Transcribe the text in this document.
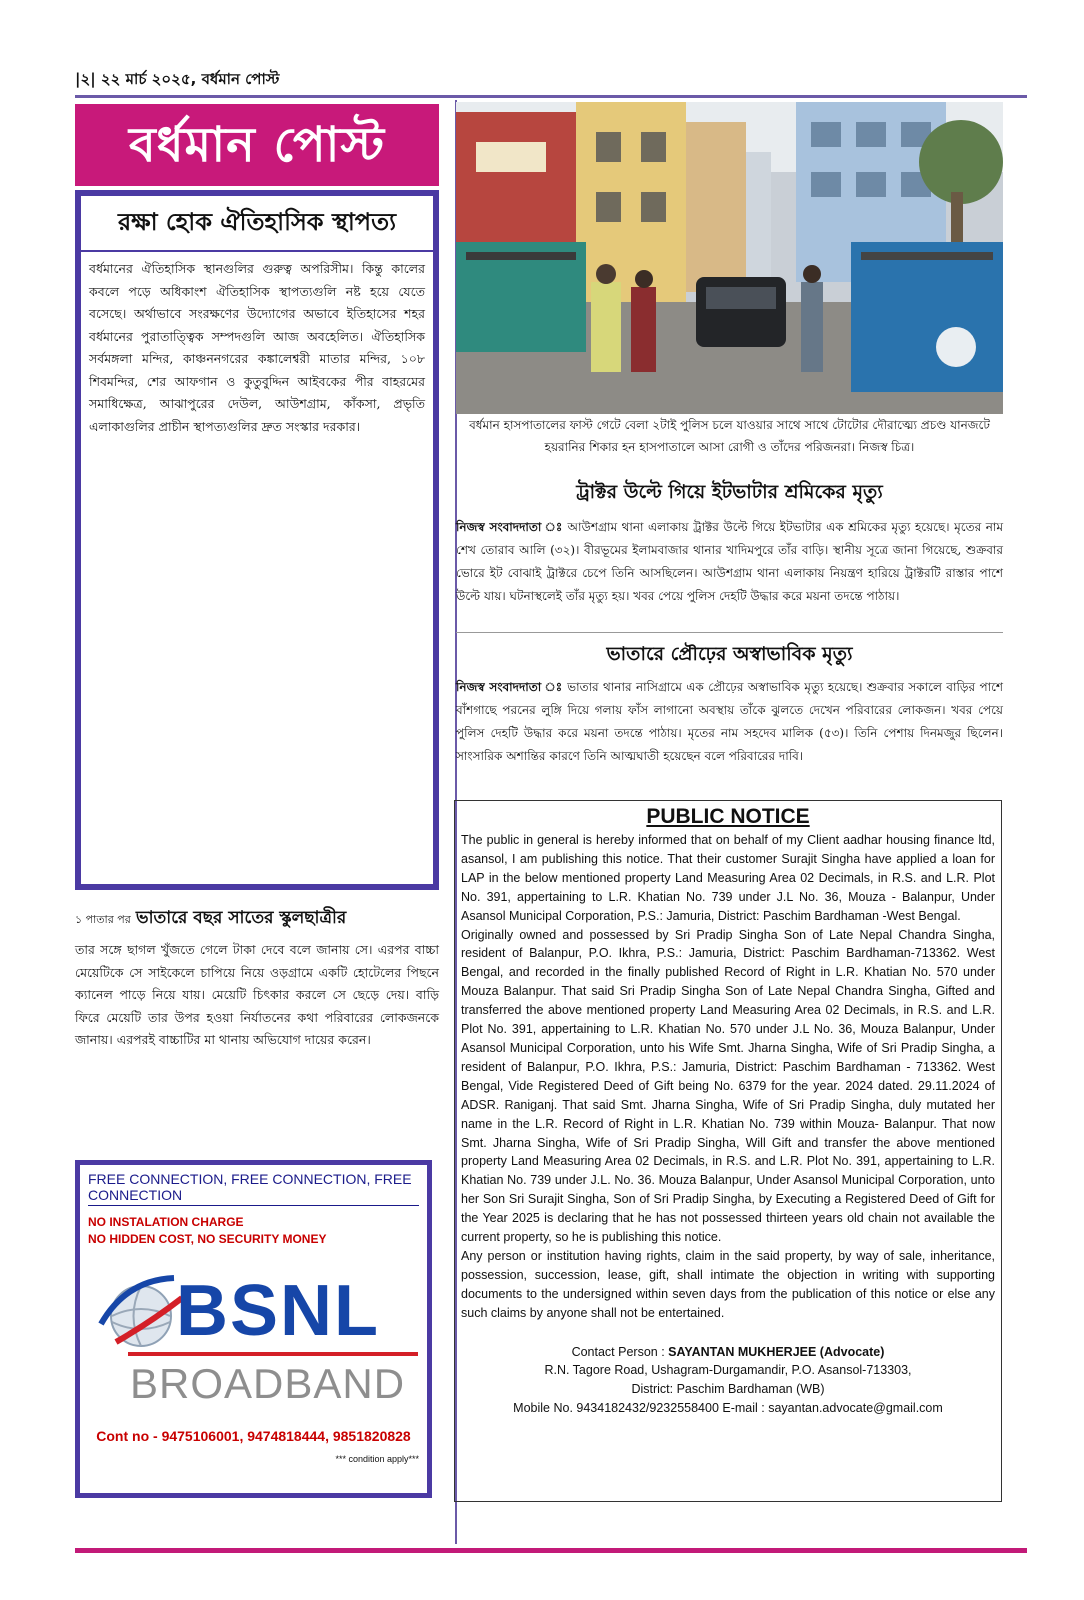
|২| ২২ মার্চ ২০২৫, বর্ধমান পোস্ট
বর্ধমান পোস্ট
রক্ষা হোক ঐতিহাসিক স্থাপত্য
বর্ধমানের ঐতিহাসিক স্থানগুলির গুরুত্ব অপরিসীম। কিন্তু কালের কবলে পড়ে অধিকাংশ ঐতিহাসিক স্থাপত্যগুলি নষ্ট হয়ে যেতে বসেছে। অর্থাভাবে সংরক্ষণের উদ্যোগের অভাবে ইতিহাসের শহর বর্ধমানের পুরাতাত্ত্বিক সম্পদগুলি আজ অবহেলিত। ঐতিহাসিক সর্বমঙ্গলা মন্দির, কাঞ্চননগরের কঙ্কালেশ্বরী মাতার মন্দির, ১০৮ শিবমন্দির, শের আফগান ও কুতুবুদ্দিন আইবকের পীর বাহরমের সমাধিক্ষেত্র, আঝাপুরের দেউল, আউশগ্রাম, কাঁকসা, প্রভৃতি এলাকাগুলির প্রাচীন স্থাপত্যগুলির দ্রুত সংস্কার দরকার।
১ পাতার পর ভাতারে বছর সাতের স্কুলছাত্রীর
তার সঙ্গে ছাগল খুঁজতে গেলে টাকা দেবে বলে জানায় সে। এরপর বাচ্চা মেয়েটিকে সে সাইকেলে চাপিয়ে নিয়ে ওড়গ্রামে একটি হোটেলের পিছনে ক্যানেল পাড়ে নিয়ে যায়। মেয়েটি চিৎকার করলে সে ছেড়ে দেয়। বাড়ি ফিরে মেয়েটি তার উপর হওয়া নির্যাতনের কথা পরিবারের লোকজনকে জানায়। এরপরই বাচ্চাটির মা থানায় অভিযোগ দায়ের করেন।
FREE CONNECTION, FREE CONNECTION, FREE CONNECTION
NO INSTALATION CHARGE
NO HIDDEN COST, NO SECURITY MONEY
BSNL
BROADBAND
Cont no - 9475106001, 9474818444, 9851820828
*** condition apply***
বর্ধমান হাসপাতালের ফাস্ট গেটে বেলা ২টাই পুলিস চলে যাওয়ার সাথে সাথে টোটোর দৌরাত্ম্যে প্রচণ্ড যানজটে হয়রানির শিকার হন হাসপাতালে আসা রোগী ও তাঁদের পরিজনরা। নিজস্ব চিত্র।
ট্রাক্টর উল্টে গিয়ে ইটভাটার শ্রমিকের মৃত্যু
নিজস্ব সংবাদদাতা ঃ আউশগ্রাম থানা এলাকায় ট্রাক্টর উল্টে গিয়ে ইটভাটার এক শ্রমিকের মৃত্যু হয়েছে। মৃতের নাম শেখ তোরাব আলি (৩২)। বীরভূমের ইলামবাজার থানার খাদিমপুরে তাঁর বাড়ি। স্থানীয় সূত্রে জানা গিয়েছে, শুক্রবার ভোরে ইট বোঝাই ট্রাক্টরে চেপে তিনি আসছিলেন। আউশগ্রাম থানা এলাকায় নিয়ন্ত্রণ হারিয়ে ট্রাক্টরটি রাস্তার পাশে উল্টে যায়। ঘটনাস্থলেই তাঁর মৃত্যু হয়। খবর পেয়ে পুলিস দেহটি উদ্ধার করে ময়না তদন্তে পাঠায়।
ভাতারে প্রৌঢ়ের অস্বাভাবিক মৃত্যু
নিজস্ব সংবাদদাতা ঃ ভাতার থানার নাসিগ্রামে এক প্রৌঢ়ের অস্বাভাবিক মৃত্যু হয়েছে। শুক্রবার সকালে বাড়ির পাশে বাঁশগাছে পরনের লুঙ্গি দিয়ে গলায় ফাঁস লাগানো অবস্থায় তাঁকে ঝুলতে দেখেন পরিবারের লোকজন। খবর পেয়ে পুলিস দেহটি উদ্ধার করে ময়না তদন্তে পাঠায়। মৃতের নাম সহদেব মালিক (৫৩)। তিনি পেশায় দিনমজুর ছিলেন। সাংসারিক অশান্তির কারণে তিনি আত্মঘাতী হয়েছেন বলে পরিবারের দাবি।
PUBLIC NOTICE
The public in general is hereby informed that on behalf of my Client aadhar housing finance ltd, asansol, I am publishing this notice. That their customer Surajit Singha have applied a loan for LAP in the below mentioned property Land Measuring Area 02 Decimals, in R.S. and L.R. Plot No. 391, appertaining to L.R. Khatian No. 739 under J.L No. 36, Mouza - Balanpur, Under Asansol Municipal Corporation, P.S.: Jamuria, District: Paschim Bardhaman -West Bengal.
Originally owned and possessed by Sri Pradip Singha Son of Late Nepal Chandra Singha, resident of Balanpur, P.O. Ikhra, P.S.: Jamuria, District: Paschim Bardhaman-713362. West Bengal, and recorded in the finally published Record of Right in L.R. Khatian No. 570 under Mouza Balanpur. That said Sri Pradip Singha Son of Late Nepal Chandra Singha, Gifted and transferred the above mentioned property Land Measuring Area 02 Decimals, in R.S. and L.R. Plot No. 391, appertaining to L.R. Khatian No. 570 under J.L No. 36, Mouza Balanpur, Under Asansol Municipal Corporation, unto his Wife Smt. Jharna Singha, Wife of Sri Pradip Singha, a resident of Balanpur, P.O. Ikhra, P.S.: Jamuria, District: Paschim Bardhaman - 713362. West Bengal, Vide Registered Deed of Gift being No. 6379 for the year. 2024 dated. 29.11.2024 of ADSR. Raniganj. That said Smt. Jharna Singha, Wife of Sri Pradip Singha, duly mutated her name in the L.R. Record of Right in L.R. Khatian No. 739 within Mouza- Balanpur. That now Smt. Jharna Singha, Wife of Sri Pradip Singha, Will Gift and transfer the above mentioned property Land Measuring Area 02 Decimals, in R.S. and L.R. Plot No. 391, appertaining to L.R. Khatian No. 739 under J.L. No. 36. Mouza Balanpur, Under Asansol Municipal Corporation, unto her Son Sri Surajit Singha, Son of Sri Pradip Singha, by Executing a Registered Deed of Gift for the Year 2025 is declaring that he has not possessed thirteen years old chain not available the current property, so he is publishing this notice.
Any person or institution having rights, claim in the said property, by way of sale, inheritance, possession, succession, lease, gift, shall intimate the objection in writing with supporting documents to the undersigned within seven days from the publication of this notice or else any such claims by anyone shall not be entertained.
Contact Person : SAYANTAN MUKHERJEE (Advocate)
R.N. Tagore Road, Ushagram-Durgamandir, P.O. Asansol-713303,
District: Paschim Bardhaman (WB)
Mobile No. 9434182432/9232558400 E-mail : sayantan.advocate@gmail.com
